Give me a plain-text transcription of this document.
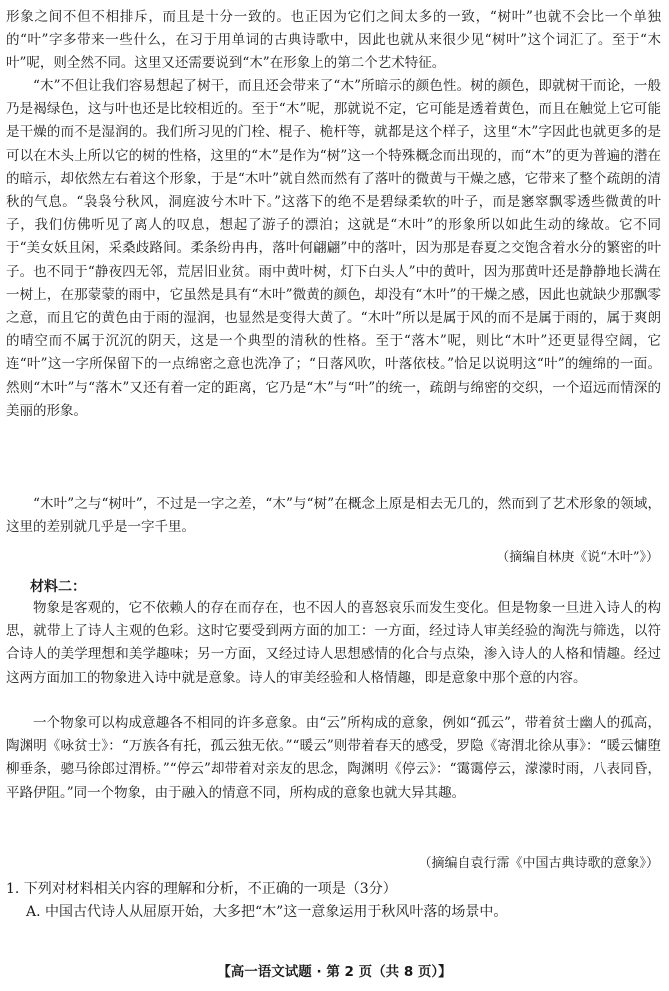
形象之间不但不相排斥，而且是十分一致的。也正因为它们之间太多的一致，“树叶”也就不会比一个单独的“叶”字多带来一些什么，在习于用单词的古典诗歌中，因此也就从来很少见“树叶”这个词汇了。至于“木叶”呢，则全然不同。这里又还需要说到“木”在形象上的第二个艺术特征。

“木”不但让我们容易想起了树干，而且还会带来了“木”所暗示的颜色性。树的颜色，即就树干而论，一般乃是褐绿色，这与叶也还是比较相近的。至于“木”呢，那就说不定，它可能是透着黄色，而且在触觉上它可能是干燥的而不是湿润的。我们所习见的门栓、棍子、桅杆等，就都是这个样子，这里“木”字因此也就更多的是可以在木头上所以它的树的性格，这里的“木”是作为“树”这一个特殊概念而出现的，而“木”的更为普遍的潜在的暗示，却依然左右着这个形象，于是“木叶”就自然而然有了落叶的微黄与干燥之感，它带来了整个疏朗的清秋的气息。“袅袅兮秋风，洞庭波兮木叶下。”这落下的绝不是碧绿柔软的叶子，而是窸窣飘零透些微黄的叶子，我们仿佛听见了离人的叹息，想起了游子的漂泊；这就是“木叶”的形象所以如此生动的缘故。它不同于“美女妖且闲，采桑歧路间。柔条纷冉冉，落叶何翩翩”中的落叶，因为那是春夏之交饱含着水分的繁密的叶子。也不同于“静夜四无邻，荒居旧业贫。雨中黄叶树，灯下白头人”中的黄叶，因为那黄叶还是静静地长满在一树上，在那蒙蒙的雨中，它虽然是具有“木叶”微黄的颜色，却没有“木叶”的干燥之感，因此也就缺少那飘零之意，而且它的黄色由于雨的湿润，也显然是变得大黄了。“木叶”所以是属于风的而不是属于雨的，属于爽朗的晴空而不属于沉沉的阴天，这是一个典型的清秋的性格。至于“落木”呢，则比“木叶”还更显得空阔，它连“叶”这一字所保留下的一点绵密之意也洗净了；“日落风吹，叶落依枝。”恰足以说明这“叶”的缠绵的一面。然则“木叶”与“落木”又还有着一定的距离，它乃是“木”与“叶”的统一，疏朗与绵密的交织，一个迢远而情深的美丽的形象。

“木叶”之与“树叶”，不过是一字之差，“木”与“树”在概念上原是相去无几的，然而到了艺术形象的领域，这里的差别就几乎是一字千里。

（摘编自林庚《说“木叶”》）

材料二：

物象是客观的，它不依赖人的存在而存在，也不因人的喜怒哀乐而发生变化。但是物象一旦进入诗人的构思，就带上了诗人主观的色彩。这时它要受到两方面的加工：一方面，经过诗人审美经验的淘洗与筛选，以符合诗人的美学理想和美学趣味；另一方面，又经过诗人思想感情的化合与点染，渗入诗人的人格和情趣。经过这两方面加工的物象进入诗中就是意象。诗人的审美经验和人格情趣，即是意象中那个意的内容。

一个物象可以构成意趣各不相同的许多意象。由“云”所构成的意象，例如“孤云”，带着贫士幽人的孤高，陶渊明《咏贫士》：“万族各有托，孤云独无依。”“暖云”则带着春天的感受，罗隐《寄渭北徐从事》：“暖云慵堕柳垂条，骢马徐郎过渭桥。”“停云”却带着对亲友的思念，陶渊明《停云》：“霭霭停云，濛濛时雨，八表同昏，平路伊阻。”同一个物象，由于融入的情意不同，所构成的意象也就大异其趣。

（摘编自袁行霈《中国古典诗歌的意象》）

1. 下列对材料相关内容的理解和分析，不正确的一项是（3分）

A. 中国古代诗人从屈原开始，大多把“木”这一意象运用于秋风叶落的场景中。

【高一语文试题 · 第 2 页（共 8 页）】
